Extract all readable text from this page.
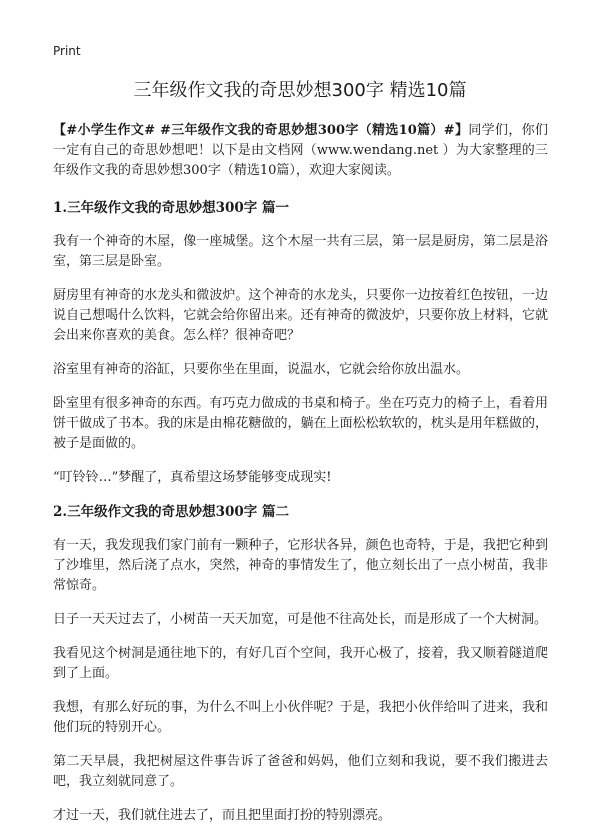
Print
三年级作文我的奇思妙想300字 精选10篇

【#小学生作文# #三年级作文我的奇思妙想300字（精选10篇）#】同学们，你们一定有自己的奇思妙想吧！以下是由文档网（www.wendang.net ）为大家整理的三年级作文我的奇思妙想300字（精选10篇），欢迎大家阅读。

1.三年级作文我的奇思妙想300字 篇一

我有一个神奇的木屋，像一座城堡。这个木屋一共有三层，第一层是厨房，第二层是浴室，第三层是卧室。

厨房里有神奇的水龙头和微波炉。这个神奇的水龙头，只要你一边按着红色按钮，一边说自己想喝什么饮料，它就会给你留出来。还有神奇的微波炉，只要你放上材料，它就会出来你喜欢的美食。怎么样？很神奇吧？

浴室里有神奇的浴缸，只要你坐在里面，说温水，它就会给你放出温水。

卧室里有很多神奇的东西。有巧克力做成的书桌和椅子。坐在巧克力的椅子上，看着用饼干做成了书本。我的床是由棉花糖做的，躺在上面松松软软的，枕头是用年糕做的，被子是面做的。

“叮铃铃…”梦醒了，真希望这场梦能够变成现实!

2.三年级作文我的奇思妙想300字 篇二

有一天，我发现我们家门前有一颗种子，它形状各异，颜色也奇特，于是，我把它种到了沙堆里，然后浇了点水，突然，神奇的事情发生了，他立刻长出了一点小树苗，我非常惊奇。

日子一天天过去了，小树苗一天天加宽，可是他不往高处长，而是形成了一个大树洞。

我看见这个树洞是通往地下的，有好几百个空间，我开心极了，接着，我又顺着隧道爬到了上面。

我想，有那么好玩的事，为什么不叫上小伙伴呢？于是，我把小伙伴给叫了进来，我和他们玩的特别开心。

第二天早晨，我把树屋这件事告诉了爸爸和妈妈，他们立刻和我说，要不我们搬进去吧，我立刻就同意了。

才过一天，我们就住进去了，而且把里面打扮的特别漂亮。
